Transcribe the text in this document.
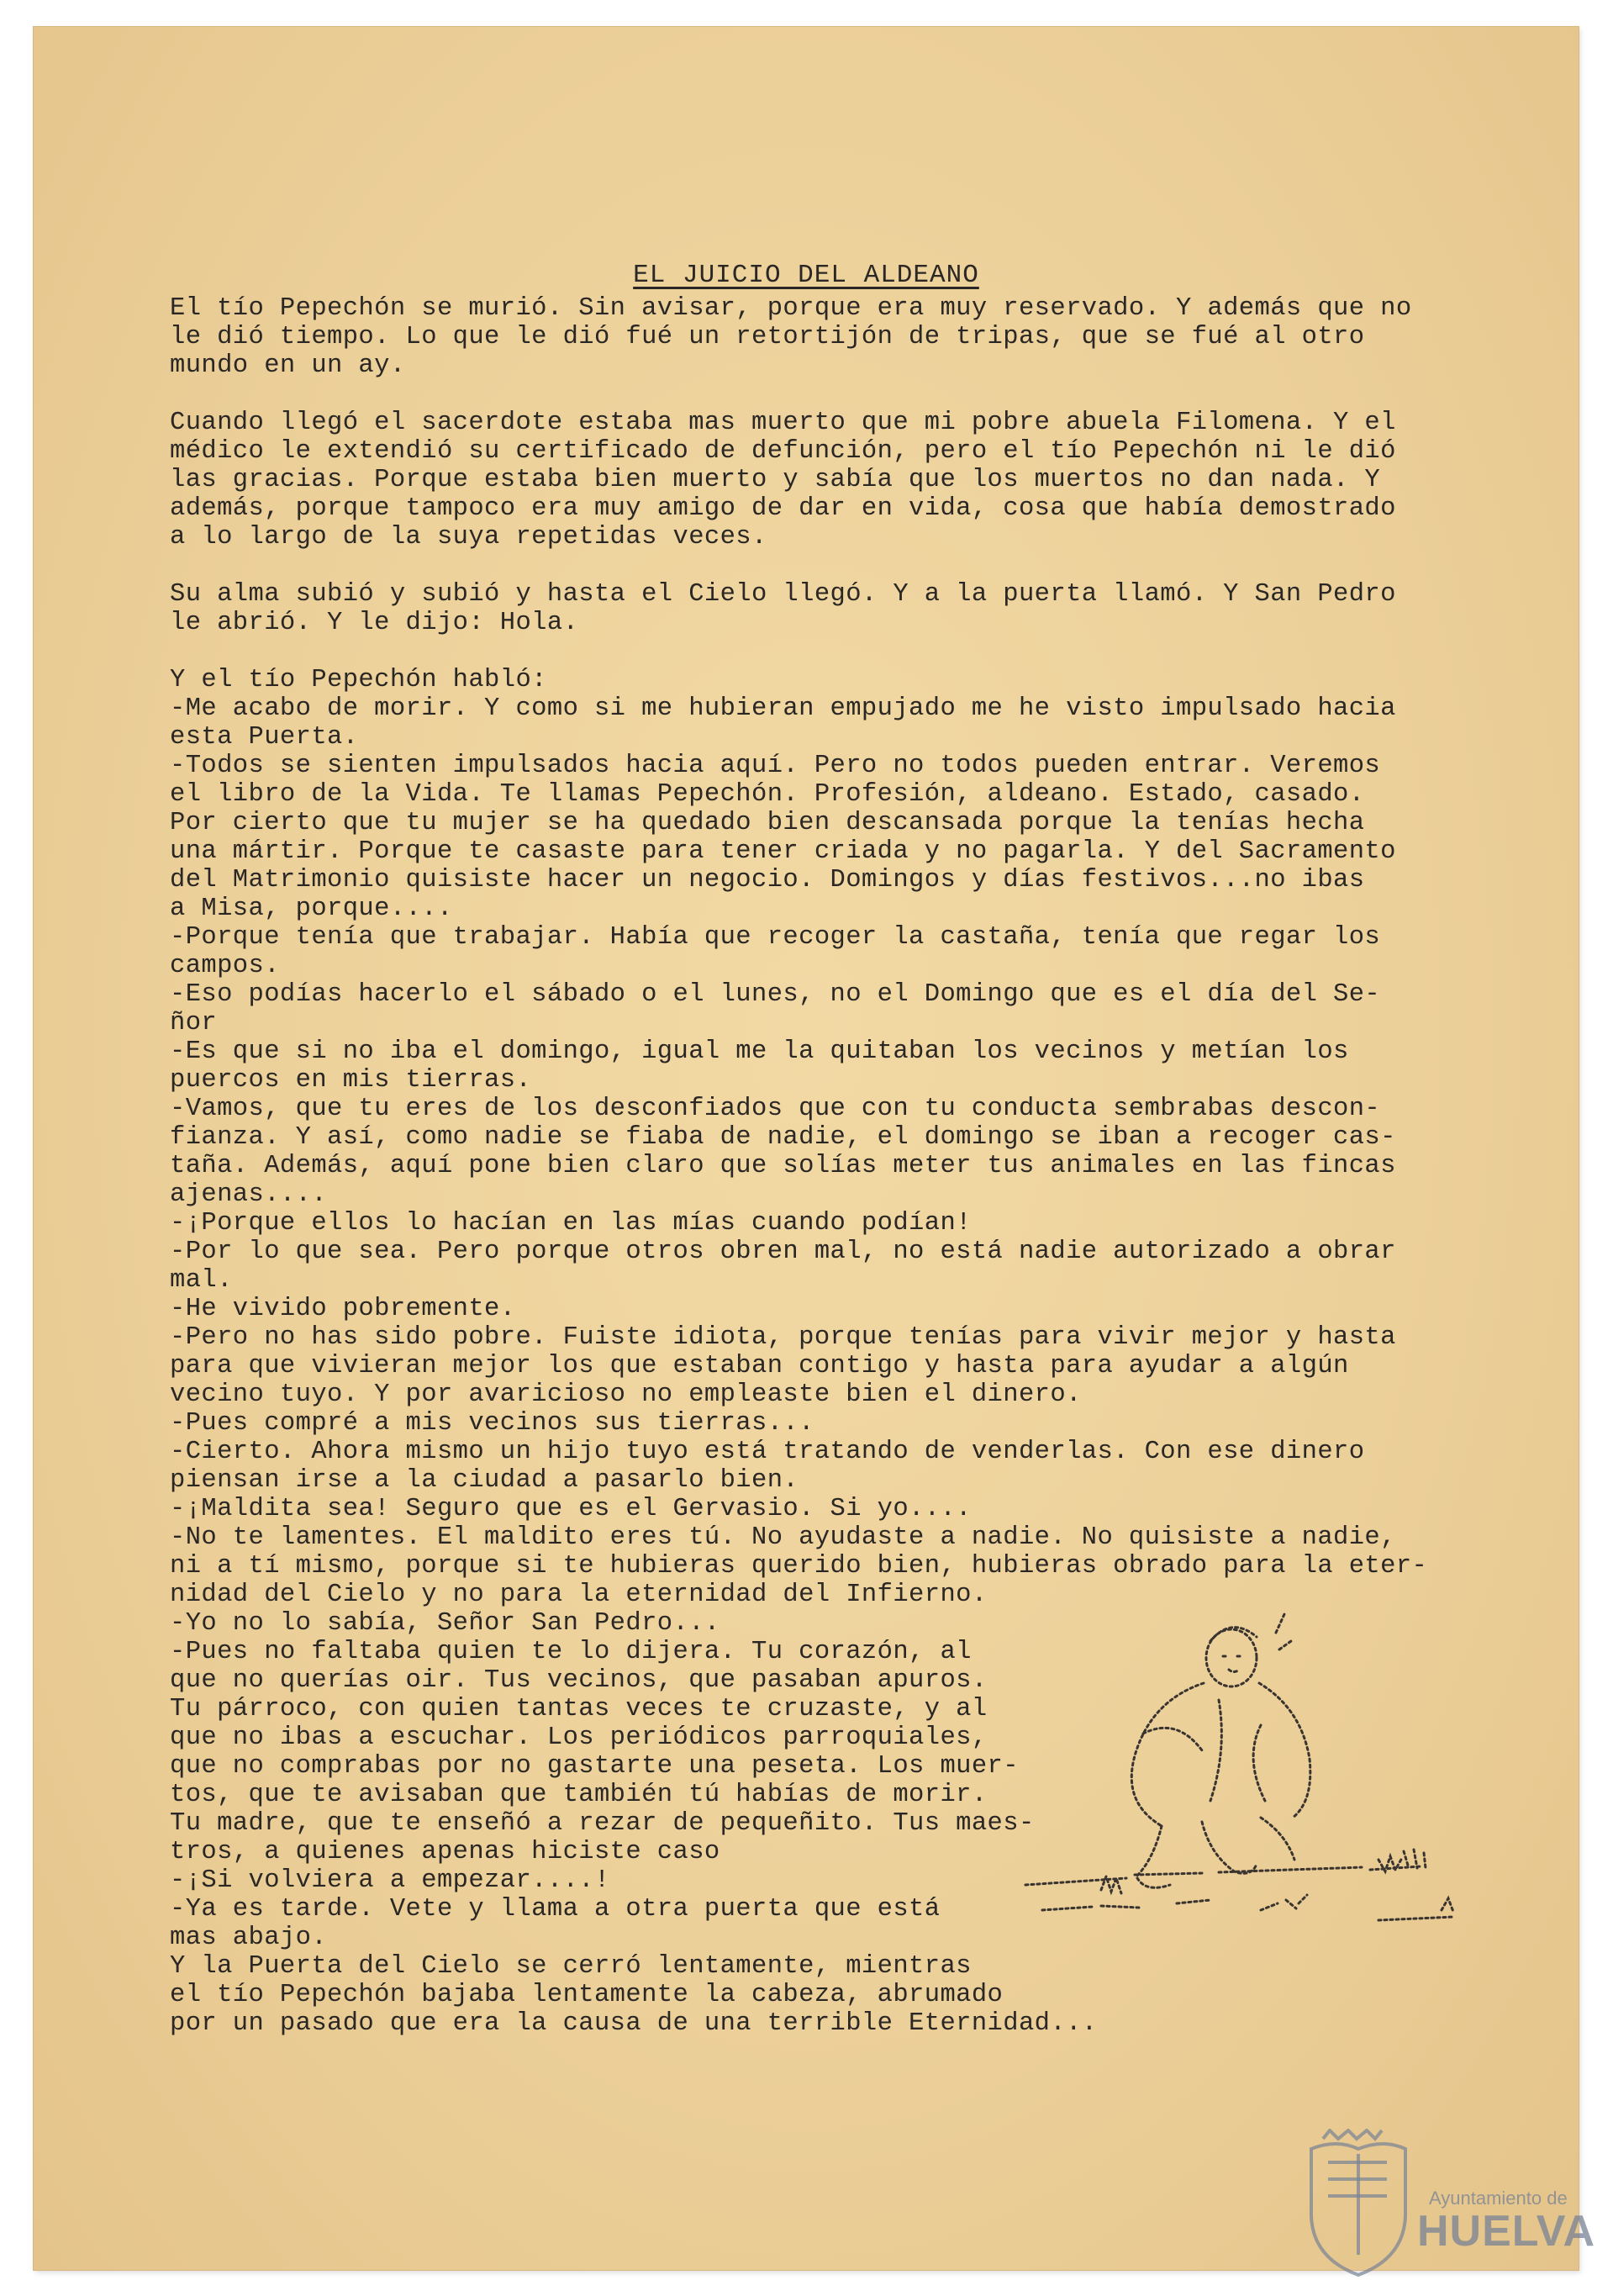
EL JUICIO DEL ALDEANO
El tío Pepechón se murió. Sin avisar, porque era muy reservado. Y además que no
le dió tiempo. Lo que le dió fué un retortijón de tripas, que se fué al otro
mundo en un ay.
Cuando llegó el sacerdote estaba mas muerto que mi pobre abuela Filomena. Y el
médico le extendió su certificado de defunción, pero el tío Pepechón ni le dió
las gracias. Porque estaba bien muerto y sabía que los muertos no dan nada. Y
además, porque tampoco era muy amigo de dar en vida, cosa que había demostrado
a lo largo de la suya repetidas veces.
Su alma subió y subió y hasta el Cielo llegó. Y a la puerta llamó. Y San Pedro
le abrió. Y le dijo: Hola.
Y el tío Pepechón habló:
-Me acabo de morir. Y como si me hubieran empujado me he visto impulsado hacia
esta Puerta.
-Todos se sienten impulsados hacia aquí. Pero no todos pueden entrar. Veremos
el libro de la Vida. Te llamas Pepechón. Profesión, aldeano. Estado, casado.
Por cierto que tu mujer se ha quedado bien descansada porque la tenías hecha
una mártir. Porque te casaste para tener criada y no pagarla. Y del Sacramento
del Matrimonio quisiste hacer un negocio. Domingos y días festivos...no ibas
a Misa, porque....
-Porque tenía que trabajar. Había que recoger la castaña, tenía que regar los
campos.
-Eso podías hacerlo el sábado o el lunes, no el Domingo que es el día del Se-
ñor
-Es que si no iba el domingo, igual me la quitaban los vecinos y metían los
puercos en mis tierras.
-Vamos, que tu eres de los desconfiados que con tu conducta sembrabas descon-
fianza. Y así, como nadie se fiaba de nadie, el domingo se iban a recoger cas-
taña. Además, aquí pone bien claro que solías meter tus animales en las fincas
ajenas....
-¡Porque ellos lo hacían en las mías cuando podían!
-Por lo que sea. Pero porque otros obren mal, no está nadie autorizado a obrar
mal.
-He vivido pobremente.
-Pero no has sido pobre. Fuiste idiota, porque tenías para vivir mejor y hasta
para que vivieran mejor los que estaban contigo y hasta para ayudar a algún
vecino tuyo. Y por avaricioso no empleaste bien el dinero.
-Pues compré a mis vecinos sus tierras...
-Cierto. Ahora mismo un hijo tuyo está tratando de venderlas. Con ese dinero
piensan irse a la ciudad a pasarlo bien.
-¡Maldita sea! Seguro que es el Gervasio. Si yo....
-No te lamentes. El maldito eres tú. No ayudaste a nadie. No quisiste a nadie,
ni a tí mismo, porque si te hubieras querido bien, hubieras obrado para la eter-
nidad del Cielo y no para la eternidad del Infierno.
-Yo no lo sabía, Señor San Pedro...
-Pues no faltaba quien te lo dijera. Tu corazón, al
que no querías oir. Tus vecinos, que pasaban apuros.
Tu párroco, con quien tantas veces te cruzaste, y al
que no ibas a escuchar. Los periódicos parroquiales,
que no comprabas por no gastarte una peseta. Los muer-
tos, que te avisaban que también tú habías de morir.
Tu madre, que te enseñó a rezar de pequeñito. Tus maes-
tros, a quienes apenas hiciste caso
-¡Si volviera a empezar....!
-Ya es tarde. Vete y llama a otra puerta que está
mas abajo.
Y la Puerta del Cielo se cerró lentamente, mientras
el tío Pepechón bajaba lentamente la cabeza, abrumado
por un pasado que era la causa de una terrible Eternidad...
Ayuntamiento de
HUELVA
